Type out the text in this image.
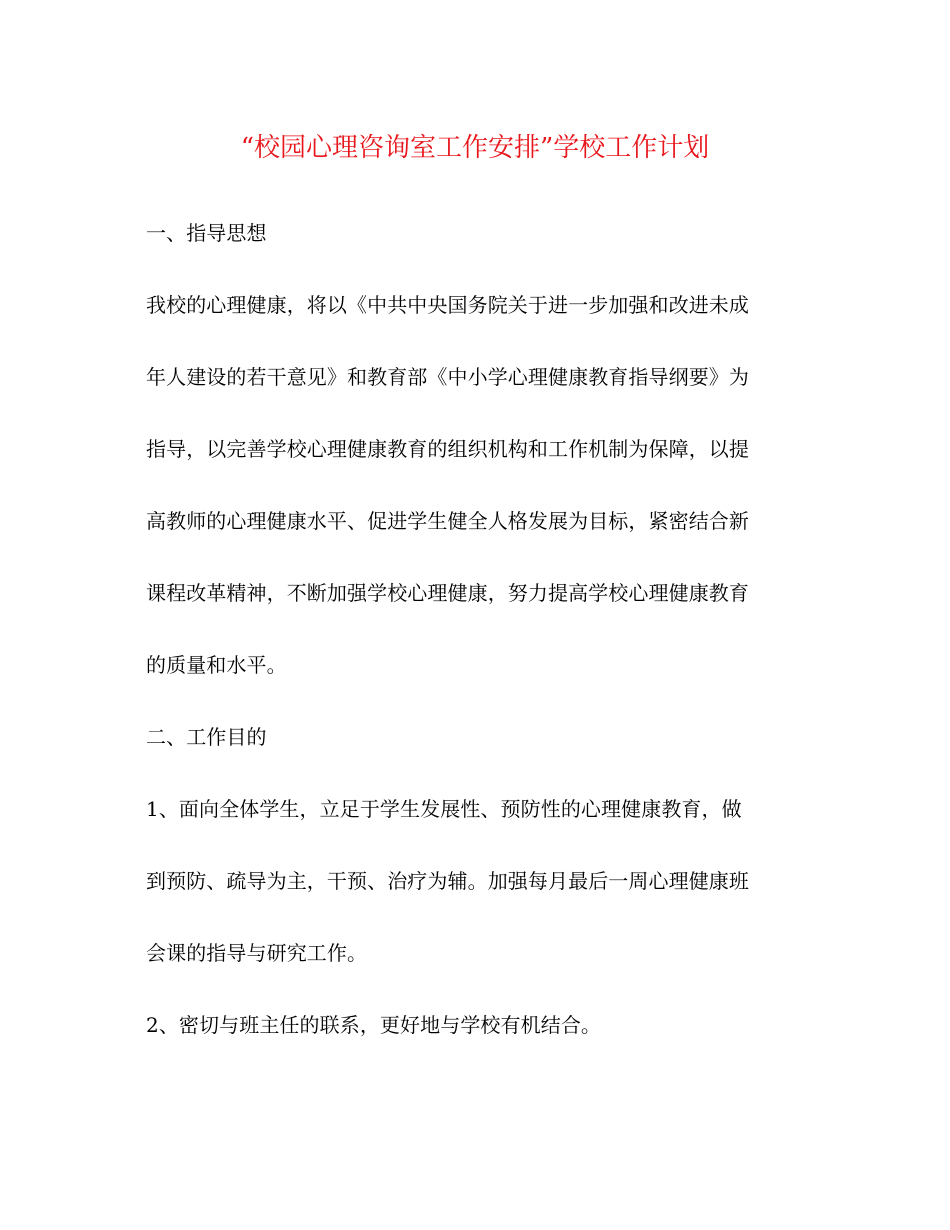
“校园心理咨询室工作安排”学校工作计划

一、指导思想

我校的心理健康，将以《中共中央国务院关于进一步加强和改进未成

年人建设的若干意见》和教育部《中小学心理健康教育指导纲要》为

指导，以完善学校心理健康教育的组织机构和工作机制为保障，以提

高教师的心理健康水平、促进学生健全人格发展为目标，紧密结合新

课程改革精神，不断加强学校心理健康，努力提高学校心理健康教育

的质量和水平。

二、工作目的

1、面向全体学生，立足于学生发展性、预防性的心理健康教育，做

到预防、疏导为主，干预、治疗为辅。加强每月最后一周心理健康班

会课的指导与研究工作。

2、密切与班主任的联系，更好地与学校有机结合。
